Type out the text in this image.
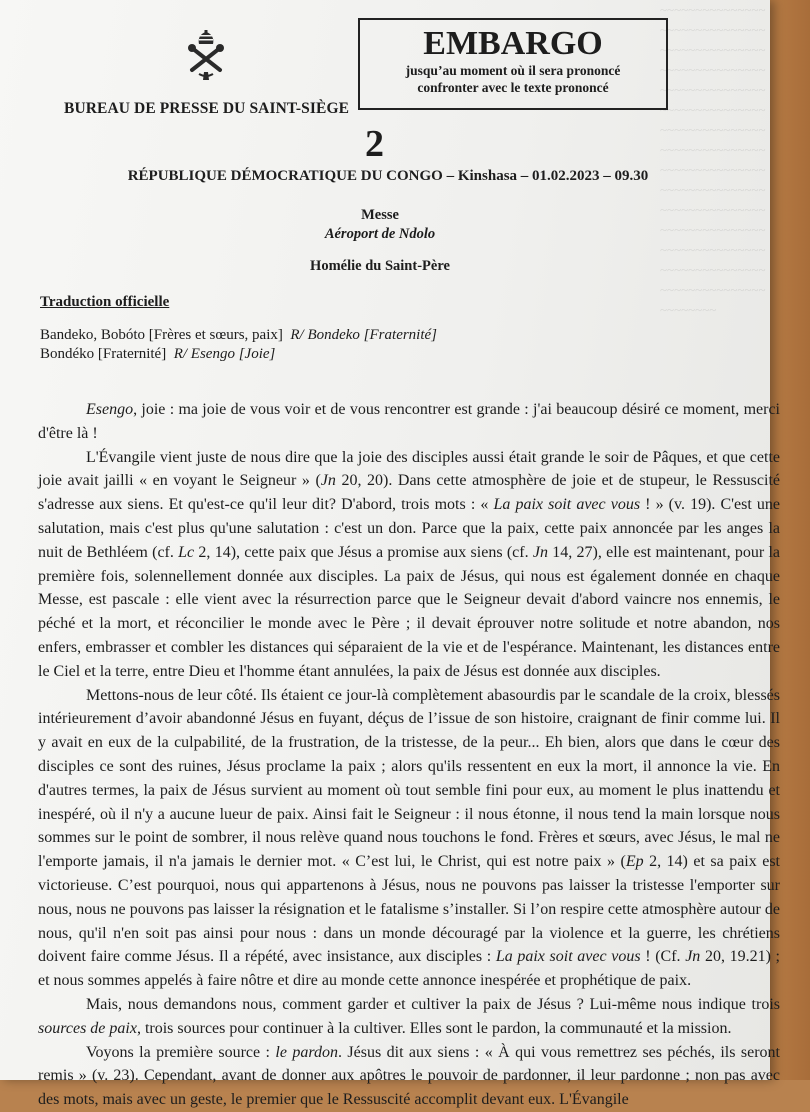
~~~~~~~~~~~~~~~~~~~~~~~~~~~~~~~~~~~~~~~~~~~~~~~~~~~~~~~~~~~~~~~~~~~~~~~~~~~~~~~~~~~~~~~~~~~~~~~~~~~~~~~~~~~~~~~~~~~~~~~~~~~~~~~~~~~~~~~~~~~~~~~~~~~~~~~~~~~~~~~~~~~~~~~~~~~~~~~~~~~~~~~~~~~~~~~~~~~~~~~~~~~~~~~~~~~~~~~~~~~~~~~~~~~~~~~~~
BUREAU DE PRESSE DU SAINT-SIÈGE
EMBARGO
jusqu’au moment où il sera prononcé
confronter avec le texte prononcé
2
RÉPUBLIQUE DÉMOCRATIQUE DU CONGO – Kinshasa – 01.02.2023 – 09.30
Messe
Aéroport de Ndolo
Homélie du Saint-Père
Traduction officielle
Bandeko, Bobóto [Frères et sœurs, paix] R/ Bondeko [Fraternité]
Bondéko [Fraternité] R/ Esengo [Joie]

Esengo, joie : ma joie de vous voir et de vous rencontrer est grande : j'ai beaucoup désiré ce moment, merci d'être là !

L'Évangile vient juste de nous dire que la joie des disciples aussi était grande le soir de Pâques, et que cette joie avait jailli « en voyant le Seigneur » (Jn 20, 20). Dans cette atmosphère de joie et de stupeur, le Ressuscité s'adresse aux siens. Et qu'est-ce qu'il leur dit? D'abord, trois mots : « La paix soit avec vous ! » (v. 19). C'est une salutation, mais c'est plus qu'une salutation : c'est un don. Parce que la paix, cette paix annoncée par les anges la nuit de Bethléem (cf. Lc 2, 14), cette paix que Jésus a promise aux siens (cf. Jn 14, 27), elle est maintenant, pour la première fois, solennellement donnée aux disciples. La paix de Jésus, qui nous est également donnée en chaque Messe, est pascale : elle vient avec la résurrection parce que le Seigneur devait d'abord vaincre nos ennemis, le péché et la mort, et réconcilier le monde avec le Père ; il devait éprouver notre solitude et notre abandon, nos enfers, embrasser et combler les distances qui séparaient de la vie et de l'espérance. Maintenant, les distances entre le Ciel et la terre, entre Dieu et l'homme étant annulées, la paix de Jésus est donnée aux disciples.

Mettons-nous de leur côté. Ils étaient ce jour-là complètement abasourdis par le scandale de la croix, blessés intérieurement d’avoir abandonné Jésus en fuyant, déçus de l’issue de son histoire, craignant de finir comme lui. Il y avait en eux de la culpabilité, de la frustration, de la tristesse, de la peur... Eh bien, alors que dans le cœur des disciples ce sont des ruines, Jésus proclame la paix ; alors qu'ils ressentent en eux la mort, il annonce la vie. En d'autres termes, la paix de Jésus survient au moment où tout semble fini pour eux, au moment le plus inattendu et inespéré, où il n'y a aucune lueur de paix. Ainsi fait le Seigneur : il nous étonne, il nous tend la main lorsque nous sommes sur le point de sombrer, il nous relève quand nous touchons le fond. Frères et sœurs, avec Jésus, le mal ne l'emporte jamais, il n'a jamais le dernier mot. « C’est lui, le Christ, qui est notre paix » (Ep 2, 14) et sa paix est victorieuse. C’est pourquoi, nous qui appartenons à Jésus, nous ne pouvons pas laisser la tristesse l'emporter sur nous, nous ne pouvons pas laisser la résignation et le fatalisme s’installer. Si l’on respire cette atmosphère autour de nous, qu'il n'en soit pas ainsi pour nous : dans un monde découragé par la violence et la guerre, les chrétiens doivent faire comme Jésus. Il a répété, avec insistance, aux disciples : La paix soit avec vous ! (Cf. Jn 20, 19.21) ; et nous sommes appelés à faire nôtre et dire au monde cette annonce inespérée et prophétique de paix.

Mais, nous demandons nous, comment garder et cultiver la paix de Jésus ? Lui-même nous indique trois sources de paix, trois sources pour continuer à la cultiver. Elles sont le pardon, la communauté et la mission.

Voyons la première source : le pardon. Jésus dit aux siens : « À qui vous remettrez ses péchés, ils seront remis » (v. 23). Cependant, avant de donner aux apôtres le pouvoir de pardonner, il leur pardonne ; non pas avec des mots, mais avec un geste, le premier que le Ressuscité accomplit devant eux. L'Évangile
